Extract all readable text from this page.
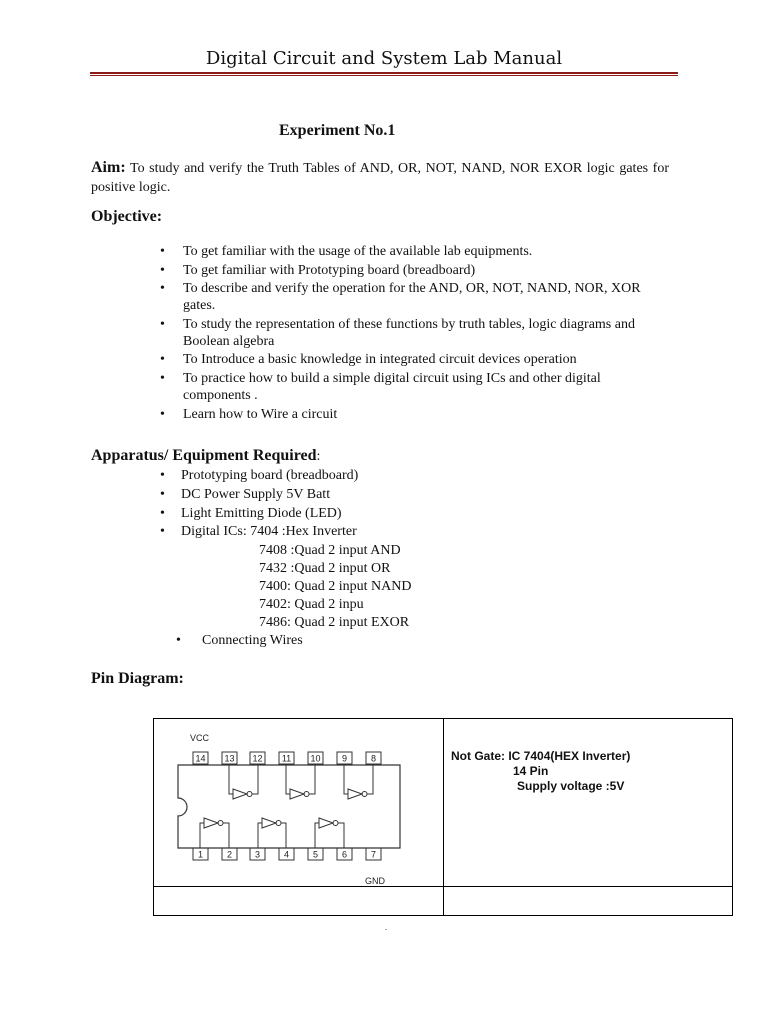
Digital Circuit and System Lab Manual
Experiment No.1
Aim: To study and verify the Truth Tables of AND, OR, NOT, NAND, NOR EXOR logic gates for positive logic.
Objective:
• To get familiar with the usage of the available lab equipments.
• To get familiar with Prototyping board (breadboard)
• To describe and verify the operation for the AND, OR, NOT, NAND, NOR, XOR gates.
• To study the representation of these functions by truth tables, logic diagrams and Boolean algebra
• To Introduce a basic knowledge in integrated circuit devices operation
• To practice how to build a simple digital circuit using ICs and other digital components .
• Learn how to Wire a circuit
Apparatus/ Equipment Required:
• Prototyping board (breadboard)
• DC Power Supply 5V Batt
• Light Emitting Diode (LED)
• Digital ICs: 7404 :Hex Inverter
7408 :Quad 2 input AND
7432 :Quad 2 input OR
7400: Quad 2 input NAND
7402: Quad 2 inpu
7486: Quad 2 input EXOR
• Connecting Wires
Pin Diagram:
VCC
GND
14 13 12 11 10 9	8
1	2	3	4	5	6	7
Not Gate: IC 7404(HEX Inverter)
14 Pin
Supply voltage :5V
.
